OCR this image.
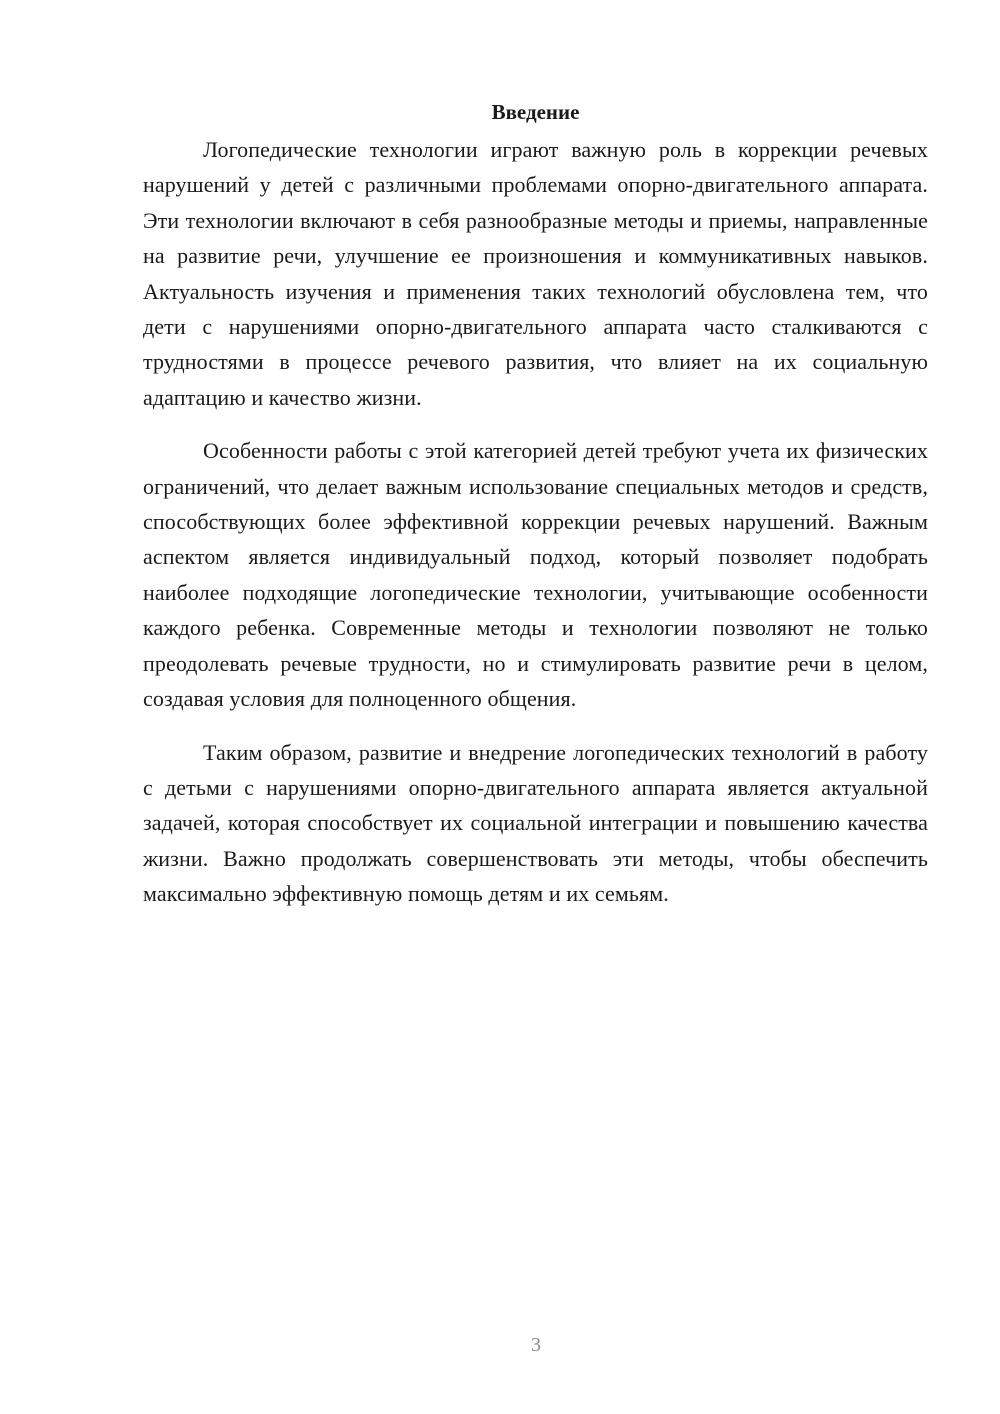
Введение

Логопедические технологии играют важную роль в коррекции речевых нарушений у детей с различными проблемами опорно-двигательного аппарата. Эти технологии включают в себя разнообразные методы и приемы, направленные на развитие речи, улучшение ее произношения и коммуникативных навыков. Актуальность изучения и применения таких технологий обусловлена тем, что дети с нарушениями опорно-двигательного аппарата часто сталкиваются с трудностями в процессе речевого развития, что влияет на их социальную адаптацию и качество жизни.

Особенности работы с этой категорией детей требуют учета их физических ограничений, что делает важным использование специальных методов и средств, способствующих более эффективной коррекции речевых нарушений. Важным аспектом является индивидуальный подход, который позволяет подобрать наиболее подходящие логопедические технологии, учитывающие особенности каждого ребенка. Современные методы и технологии позволяют не только преодолевать речевые трудности, но и стимулировать развитие речи в целом, создавая условия для полноценного общения.

Таким образом, развитие и внедрение логопедических технологий в работу с детьми с нарушениями опорно-двигательного аппарата является актуальной задачей, которая способствует их социальной интеграции и повышению качества жизни. Важно продолжать совершенствовать эти методы, чтобы обеспечить максимально эффективную помощь детям и их семьям.

3
